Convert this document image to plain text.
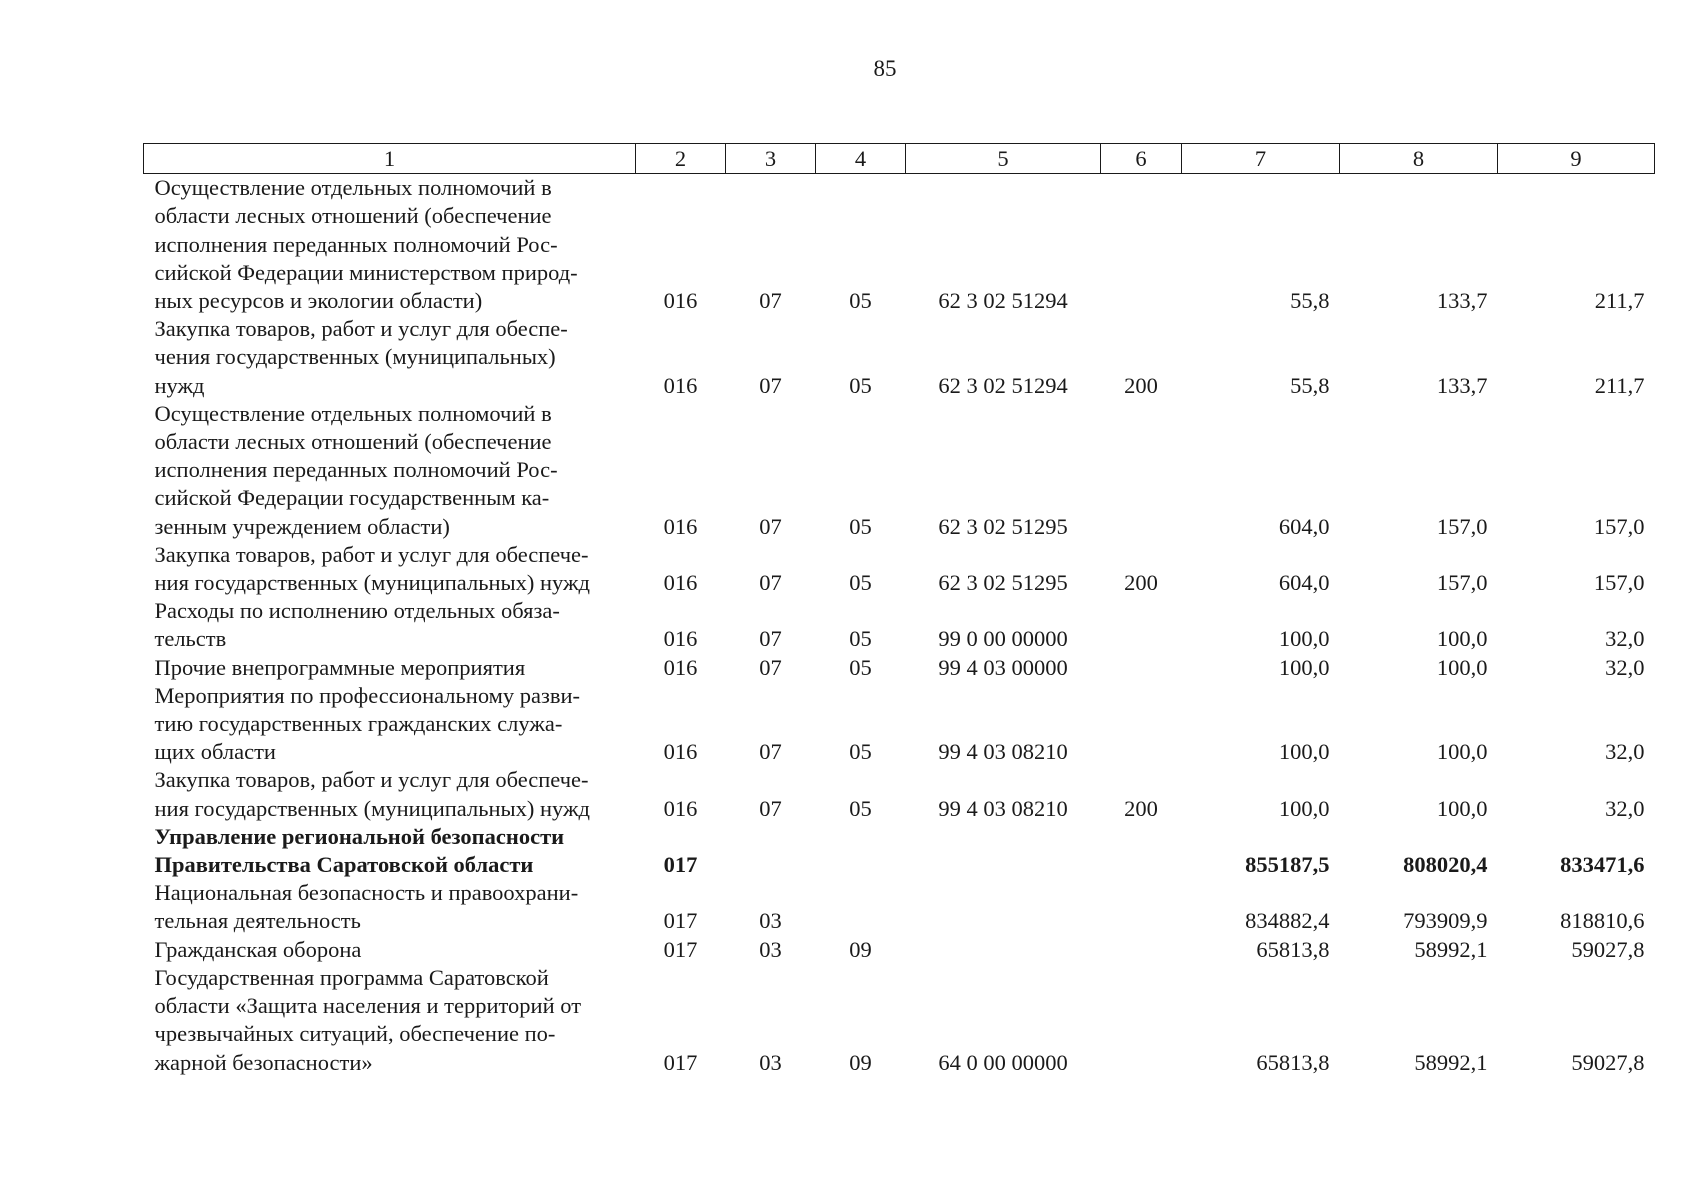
85
1	2	3	4	5	6	7	8	9

Осуществление отдельных полномочий в
области лесных отношений (обеспечение
исполнения переданных полномочий Рос-
сийской Федерации министерством природ-
ных ресурсов и экологии области)	016	07	05	62 3 02 51294		55,8	133,7	211,7

Закупка товаров, работ и услуг для обеспе-
чения государственных (муниципальных)
нужд	016	07	05	62 3 02 51294	200	55,8	133,7	211,7

Осуществление отдельных полномочий в
области лесных отношений (обеспечение
исполнения переданных полномочий Рос-
сийской Федерации государственным ка-
зенным учреждением области)	016	07	05	62 3 02 51295		604,0	157,0	157,0

Закупка товаров, работ и услуг для обеспече-
ния государственных (муниципальных) нужд	016	07	05	62 3 02 51295	200	604,0	157,0	157,0

Расходы по исполнению отдельных обяза-
тельств	016	07	05	99 0 00 00000		100,0	100,0	32,0

Прочие внепрограммные мероприятия	016	07	05	99 4 03 00000		100,0	100,0	32,0

Мероприятия по профессиональному разви-
тию государственных гражданских служа-
щих области	016	07	05	99 4 03 08210		100,0	100,0	32,0

Закупка товаров, работ и услуг для обеспече-
ния государственных (муниципальных) нужд	016	07	05	99 4 03 08210	200	100,0	100,0	32,0

Управление региональной безопасности
Правительства Саратовской области	017					855187,5	808020,4	833471,6

Национальная безопасность и правоохрани-
тельная деятельность	017	03				834882,4	793909,9	818810,6

Гражданская оборона	017	03	09			65813,8	58992,1	59027,8

Государственная программа Саратовской
области «Защита населения и территорий от
чрезвычайных ситуаций, обеспечение по-
жарной безопасности»	017	03	09	64 0 00 00000		65813,8	58992,1	59027,8
